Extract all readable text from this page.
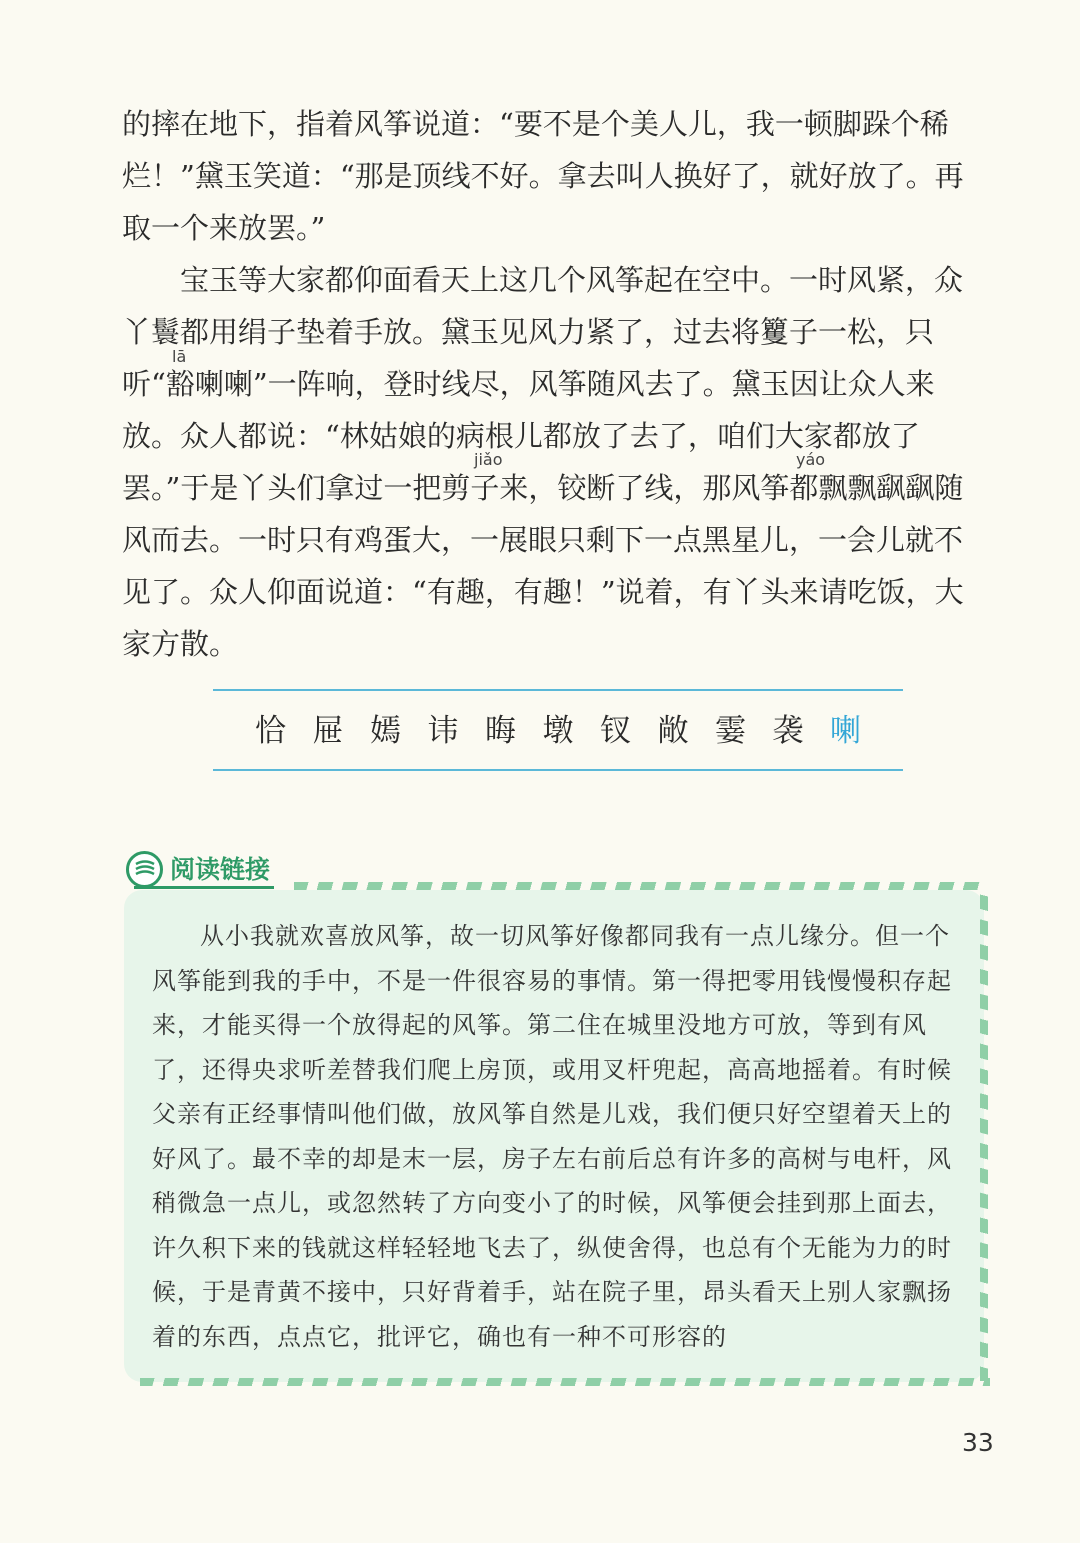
的摔在地下，指着风筝说道：“要不是个美人儿，我一顿脚跺个稀烂！”黛玉笑道：“那是顶线不好。拿去叫人换好了，就好放了。再取一个来放罢。”

宝玉等大家都仰面看天上这几个风筝起在空中。一时风紧，众丫鬟都用绢子垫着手放。黛玉见风力紧了，过去将籰子一松，只听“豁喇喇”一阵响，登时线尽，风筝随风去了。黛玉因让众人来放。众人都说：“林姑娘的病根儿都放了去了，咱们大家都放了罢。”于是丫头们拿过一把剪子来，铰断了线，那风筝都飘飘飖飖随风而去。一时只有鸡蛋大，一展眼只剩下一点黑星儿，一会儿就不见了。众人仰面说道：“有趣，有趣！”说着，有丫头来请吃饭，大家方散。

lā
jiǎo	yáo
恰 屉 嫣 讳 晦 墩 钗 敞 霎 袭 喇

从小我就欢喜放风筝，故一切风筝好像都同我有一点儿缘分。但一个风筝能到我的手中，不是一件很容易的事情。第一得把零用钱慢慢积存起来，才能买得一个放得起的风筝。第二住在城里没地方可放，等到有风了，还得央求听差替我们爬上房顶，或用叉杆兜起，高高地摇着。有时候父亲有正经事情叫他们做，放风筝自然是儿戏，我们便只好空望着天上的好风了。最不幸的却是末一层，房子左右前后总有许多的高树与电杆，风稍微急一点儿，或忽然转了方向变小了的时候，风筝便会挂到那上面去，许久积下来的钱就这样轻轻地飞去了，纵使舍得，也总有个无能为力的时候，于是青黄不接中，只好背着手，站在院子里，昂头看天上别人家飘扬着的东西，点点它，批评它，确也有一种不可形容的

阅读链接
33
